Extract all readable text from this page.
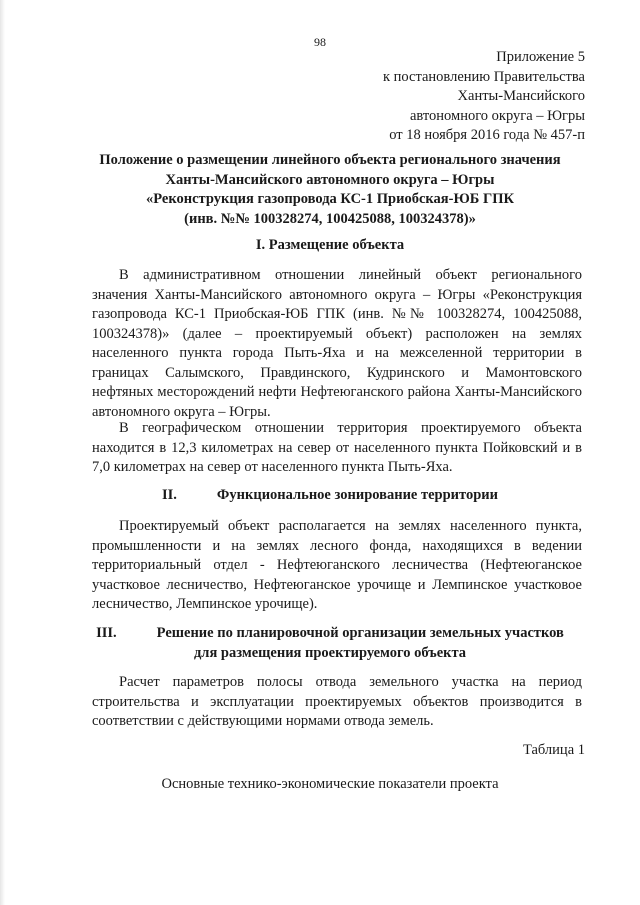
98
Приложение 5
к постановлению Правительства
Ханты-Мансийского
автономного округа – Югры
от 18 ноября 2016 года № 457-п
Положение о размещении линейного объекта регионального значения
Ханты-Мансийского автономного округа – Югры
«Реконструкция газопровода КС-1 Приобская-ЮБ ГПК
(инв. №№ 100328274, 100425088, 100324378)»
I. Размещение объекта

В административном отношении линейный объект регионального значения Ханты-Мансийского автономного округа – Югры «Реконструкция газопровода КС-1 Приобская-ЮБ ГПК (инв. №№ 100328274, 100425088, 100324378)» (далее – проектируемый объект) расположен на землях населенного пункта города Пыть-Яха и на межселенной территории в границах Салымского, Правдинского, Кудринского и Мамонтовского нефтяных месторождений нефти Нефтеюганского района Ханты-Мансийского автономного округа – Югры.

В географическом отношении территория проектируемого объекта находится в 12,3 километрах на север от населенного пункта Пойковский и в 7,0 километрах на север от населенного пункта Пыть-Яха.

II.	Функциональное зонирование территории

Проектируемый объект располагается на землях населенного пункта, промышленности и на землях лесного фонда, находящихся в ведении территориальный отдел - Нефтеюганского лесничества (Нефтеюганское участковое лесничество, Нефтеюганское урочище и Лемпинское участковое лесничество, Лемпинское урочище).

III.	Решение по планировочной организации земельных участков
для размещения проектируемого объекта

Расчет параметров полосы отвода земельного участка на период строительства и эксплуатации проектируемых объектов производится в соответствии с действующими нормами отвода земель.

Таблица 1
Основные технико-экономические показатели проекта
